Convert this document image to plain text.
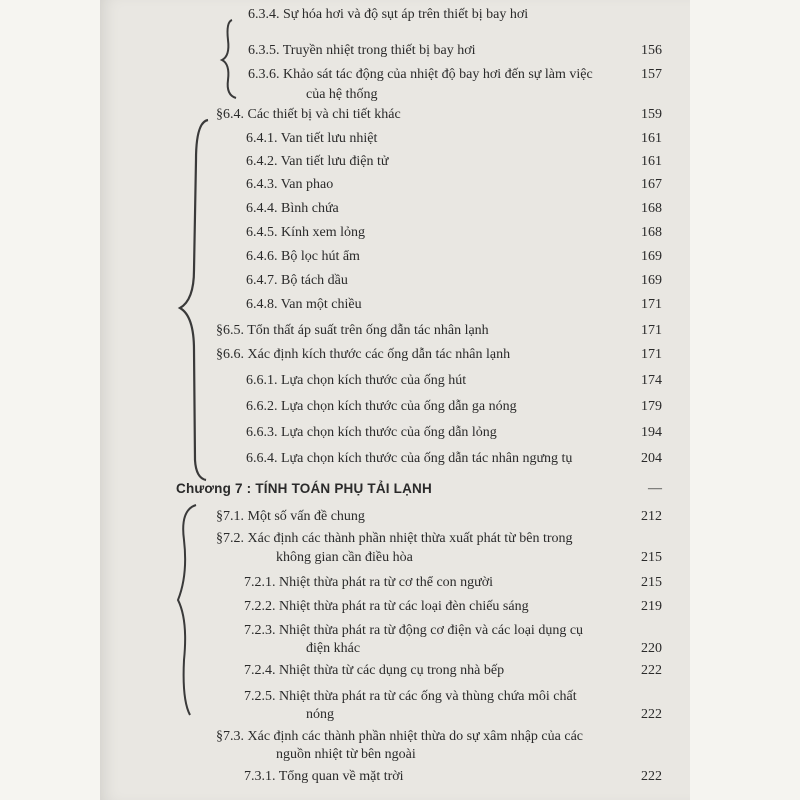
6.3.4. Sự hóa hơi và độ sụt áp trên thiết bị bay hơi
6.3.5. Truyền nhiệt trong thiết bị bay hơi	156
6.3.6. Khảo sát tác động của nhiệt độ bay hơi đến sự làm việc	157
của hệ thống
§6.4. Các thiết bị và chi tiết khác	159
6.4.1. Van tiết lưu nhiệt	161
6.4.2. Van tiết lưu điện tử	161
6.4.3. Van phao	167
6.4.4. Bình chứa	168
6.4.5. Kính xem lỏng	168
6.4.6. Bộ lọc hút ẩm	169
6.4.7. Bộ tách dầu	169
6.4.8. Van một chiều	171
§6.5. Tổn thất áp suất trên ống dẫn tác nhân lạnh	171
§6.6. Xác định kích thước các ống dẫn tác nhân lạnh	171
6.6.1. Lựa chọn kích thước của ống hút	174
6.6.2. Lựa chọn kích thước của ống dẫn ga nóng	179
6.6.3. Lựa chọn kích thước của ống dẫn lỏng	194
6.6.4. Lựa chọn kích thước của ống dẫn tác nhân ngưng tụ	204
Chương 7 : TÍNH TOÁN PHỤ TẢI LẠNH	—
§7.1. Một số vấn đề chung	212
§7.2. Xác định các thành phần nhiệt thừa xuất phát từ bên trong
không gian cần điều hòa	215
7.2.1. Nhiệt thừa phát ra từ cơ thể con người	215
7.2.2. Nhiệt thừa phát ra từ các loại đèn chiếu sáng	219
7.2.3. Nhiệt thừa phát ra từ động cơ điện và các loại dụng cụ
điện khác	220
7.2.4. Nhiệt thừa từ các dụng cụ trong nhà bếp	222
7.2.5. Nhiệt thừa phát ra từ các ống và thùng chứa môi chất
nóng	222
§7.3. Xác định các thành phần nhiệt thừa do sự xâm nhập của các
nguồn nhiệt từ bên ngoài
7.3.1. Tổng quan về mặt trời	222
